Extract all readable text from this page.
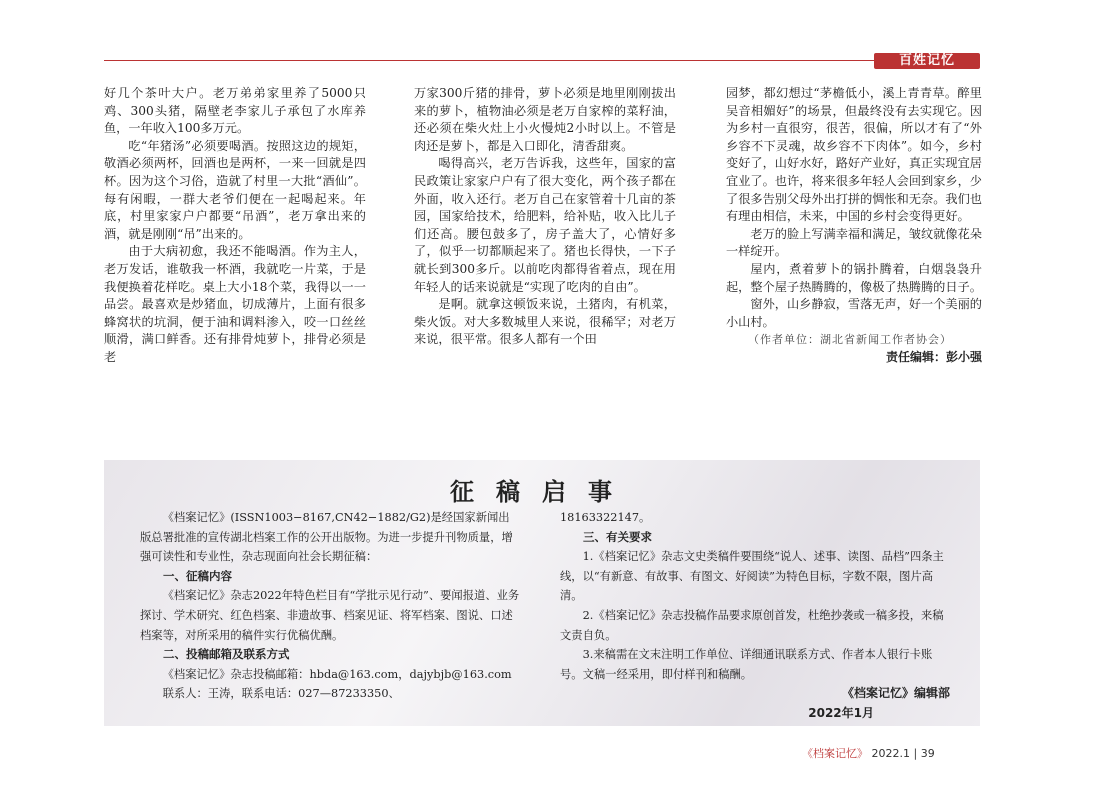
百姓记忆

好几个茶叶大户。老万弟弟家里养了5000只鸡、300头猪，隔壁老李家儿子承包了水库养鱼，一年收入100多万元。

吃“年猪汤”必须要喝酒。按照这边的规矩，敬酒必须两杯，回酒也是两杯，一来一回就是四杯。因为这个习俗，造就了村里一大批“酒仙”。每有闲暇，一群大老爷们便在一起喝起来。年底，村里家家户户都要“吊酒”，老万拿出来的酒，就是刚刚“吊”出来的。

由于大病初愈，我还不能喝酒。作为主人，老万发话，谁敬我一杯酒，我就吃一片菜，于是我便换着花样吃。桌上大小18个菜，我得以一一品尝。最喜欢是炒猪血，切成薄片，上面有很多蜂窝状的坑洞，便于油和调料渗入，咬一口丝丝顺滑，满口鲜香。还有排骨炖萝卜，排骨必须是老

万家300斤猪的排骨，萝卜必须是地里刚刚拔出来的萝卜，植物油必须是老万自家榨的菜籽油，还必须在柴火灶上小火慢炖2小时以上。不管是肉还是萝卜，都是入口即化，清香甜爽。

喝得高兴，老万告诉我，这些年，国家的富民政策让家家户户有了很大变化，两个孩子都在外面，收入还行。老万自己在家管着十几亩的茶园，国家给技术，给肥料，给补贴，收入比儿子们还高。腰包鼓多了，房子盖大了，心情好多了，似乎一切都顺起来了。猪也长得快，一下子就长到300多斤。以前吃肉都得省着点，现在用年轻人的话来说就是“实现了吃肉的自由”。

是啊。就拿这顿饭来说，土猪肉，有机菜，柴火饭。对大多数城里人来说，很稀罕；对老万来说，很平常。很多人都有一个田

园梦，都幻想过“茅檐低小，溪上青青草。醉里吴音相媚好”的场景，但最终没有去实现它。因为乡村一直很穷，很苦，很偏，所以才有了“外乡容不下灵魂，故乡容不下肉体”。如今，乡村变好了，山好水好，路好产业好，真正实现宜居宜业了。也许，将来很多年轻人会回到家乡，少了很多告别父母外出打拼的惆怅和无奈。我们也有理由相信，未来，中国的乡村会变得更好。

老万的脸上写满幸福和满足，皱纹就像花朵一样绽开。

屋内，煮着萝卜的锅扑腾着，白烟袅袅升起，整个屋子热腾腾的，像极了热腾腾的日子。

窗外，山乡静寂，雪落无声，好一个美丽的小山村。

（作者单位：湖北省新闻工作者协会）

责任编辑：彭小强

征稿启事

《档案记忆》(ISSN1003−8167,CN42−1882/G2)是经国家新闻出版总署批准的宣传湖北档案工作的公开出版物。为进一步提升刊物质量，增强可读性和专业性，杂志现面向社会长期征稿：

一、征稿内容

《档案记忆》杂志2022年特色栏目有“学批示见行动”、要闻报道、业务探讨、学术研究、红色档案、非遗故事、档案见证、将军档案、图说、口述档案等，对所采用的稿件实行优稿优酬。

二、投稿邮箱及联系方式

《档案记忆》杂志投稿邮箱：hbda@163.com，dajybjb@163.com

联系人：王涛，联系电话：027—87233350、

18163322147。

三、有关要求

1.《档案记忆》杂志文史类稿件要围绕“说人、述事、读图、品档”四条主线，以“有新意、有故事、有图文、好阅读”为特色目标，字数不限，图片高清。

2.《档案记忆》杂志投稿作品要求原创首发，杜绝抄袭或一稿多投，来稿文责自负。

3.来稿需在文末注明工作单位、详细通讯联系方式、作者本人银行卡账号。文稿一经采用，即付样刊和稿酬。

《档案记忆》编辑部

2022年1月

《档案记忆》 2022.1 | 39
